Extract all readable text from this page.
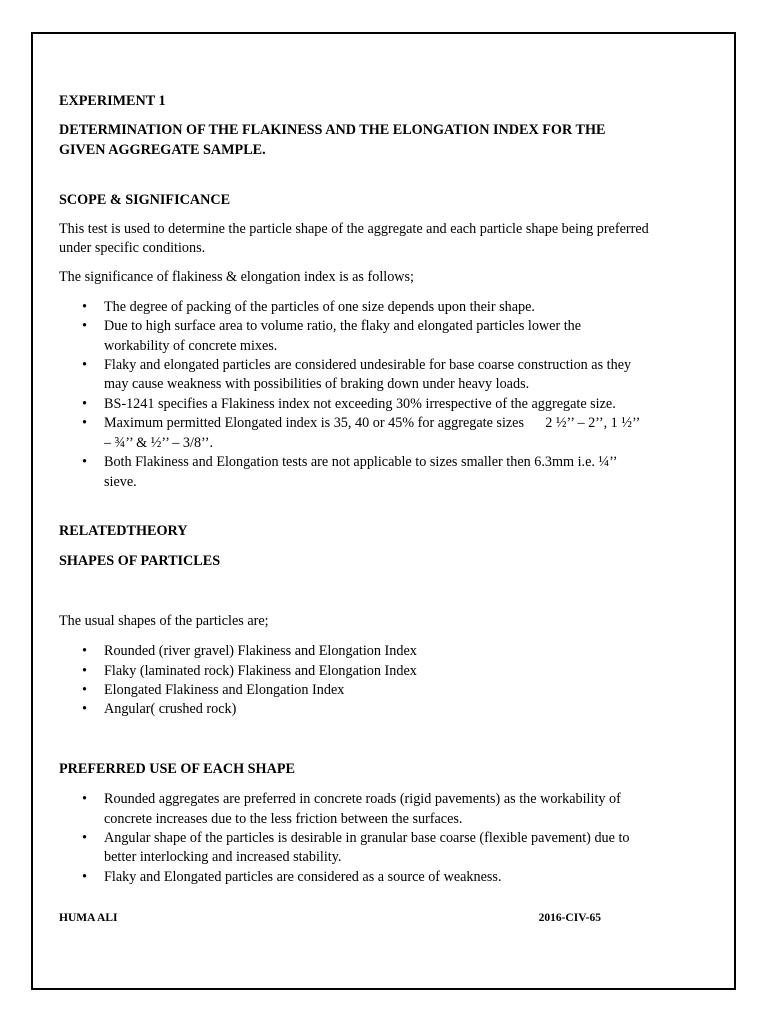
EXPERIMENT 1

DETERMINATION OF THE FLAKINESS AND THE ELONGATION INDEX FOR THE GIVEN AGGREGATE SAMPLE.

SCOPE & SIGNIFICANCE

This test is used to determine the particle shape of the aggregate and each particle shape being preferred under specific conditions.

The significance of flakiness & elongation index is as follows;

• The degree of packing of the particles of one size depends upon their shape.
• Due to high surface area to volume ratio, the flaky and elongated particles lower the workability of concrete mixes.
• Flaky and elongated particles are considered undesirable for base coarse construction as they may cause weakness with possibilities of braking down under heavy loads.
• BS-1241 specifies a Flakiness index not exceeding 30% irrespective of the aggregate size.
• Maximum permitted Elongated index is 35, 40 or 45% for aggregate sizes      2 ½’’ – 2’’, 1 ½’’ – ¾’’ & ½’’ – 3/8’’.
• Both Flakiness and Elongation tests are not applicable to sizes smaller then 6.3mm i.e. ¼’’ sieve.

RELATEDTHEORY

SHAPES OF PARTICLES

The usual shapes of the particles are;

• Rounded (river gravel) Flakiness and Elongation Index
• Flaky (laminated rock) Flakiness and Elongation Index
• Elongated Flakiness and Elongation Index
• Angular( crushed rock)

PREFERRED USE OF EACH SHAPE

• Rounded aggregates are preferred in concrete roads (rigid pavements) as the workability of concrete increases due to the less friction between the surfaces.
• Angular shape of the particles is desirable in granular base coarse (flexible pavement) due to better interlocking and increased stability.
• Flaky and Elongated particles are considered as a source of weakness.
HUMA ALI	2016-CIV-65
